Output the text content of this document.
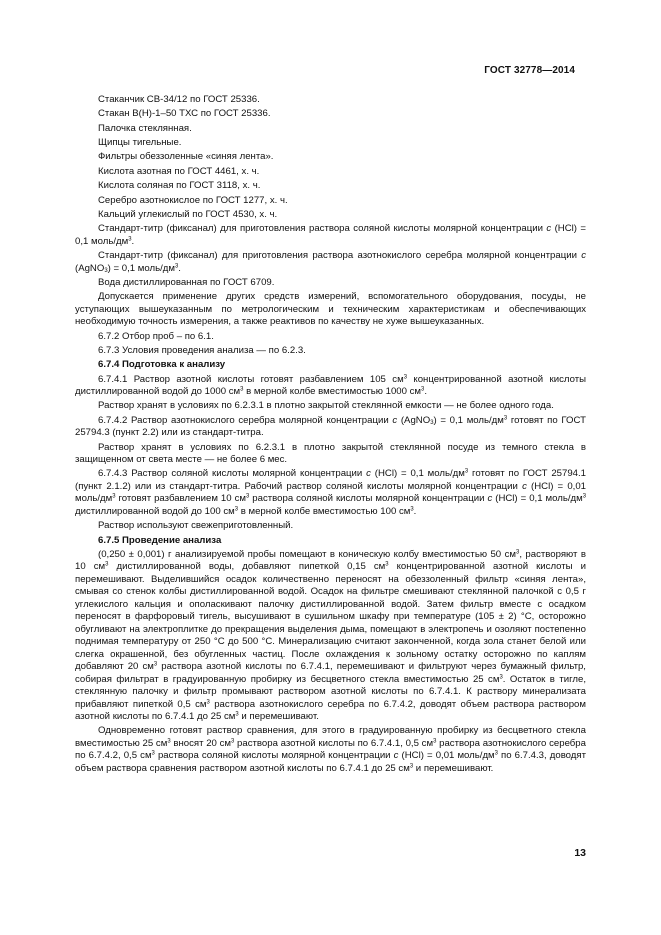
ГОСТ 32778—2014

Стаканчик СВ-34/12 по ГОСТ 25336.

Стакан В(Н)-1–50 ТХС по ГОСТ 25336.

Палочка стеклянная.

Щипцы тигельные.

Фильтры обеззоленные «синяя лента».

Кислота азотная по ГОСТ 4461, х. ч.

Кислота соляная по ГОСТ 3118, х. ч.

Серебро азотнокислое по ГОСТ 1277, х. ч.

Кальций углекислый по ГОСТ 4530, х. ч.

Стандарт-титр (фиксанал) для приготовления раствора соляной кислоты молярной концентрации c (HCl) = 0,1 моль/$дм^3$.

Стандарт-титр (фиксанал) для приготовления раствора азотнокислого серебра молярной концентрации c (AgNO$_3$) = 0,1 моль/$дм^3$.

Вода дистиллированная по ГОСТ 6709.

Допускается применение других средств измерений, вспомогательного оборудования, посуды, не уступающих вышеуказанным по метрологическим и техническим характеристикам и обеспечивающих необходимую точность измерения, а также реактивов по качеству не хуже вышеуказанных.

6.7.2 Отбор проб – по 6.1.

6.7.3 Условия проведения анализа — по 6.2.3.

6.7.4 Подготовка к анализу

6.7.4.1 Раствор азотной кислоты готовят разбавлением 105 $см^3$ концентрированной азотной кислоты дистиллированной водой до 1000 $см^3$ в мерной колбе вместимостью 1000 $см^3$.

Раствор хранят в условиях по 6.2.3.1 в плотно закрытой стеклянной емкости — не более одного года.

6.7.4.2 Раствор азотнокислого серебра молярной концентрации c (AgNO$_3$) = 0,1 моль/$дм^3$ готовят по ГОСТ 25794.3 (пункт 2.2) или из стандарт-титра.

Раствор хранят в условиях по 6.2.3.1 в плотно закрытой стеклянной посуде из темного стекла в защищенном от света месте — не более 6 мес.

6.7.4.3 Раствор соляной кислоты молярной концентрации c (HCl) = 0,1 моль/$дм^3$ готовят по ГОСТ 25794.1 (пункт 2.1.2) или из стандарт-титра. Рабочий раствор соляной кислоты молярной концентрации c (HCl) = 0,01 моль/$дм^3$ готовят разбавлением 10 $см^3$ раствора соляной кислоты молярной концентрации c (HCl) = 0,1 моль/$дм^3$ дистиллированной водой до 100 $см^3$ в мерной колбе вместимостью 100 $см^3$.

Раствор используют свежеприготовленный.

6.7.5 Проведение анализа

(0,250 ± 0,001) г анализируемой пробы помещают в коническую колбу вместимостью 50 $см^3$, растворяют в 10 $см^3$ дистиллированной воды, добавляют пипеткой 0,15 $см^3$ концентрированной азотной кислоты и перемешивают. Выделившийся осадок количественно переносят на обеззоленный фильтр «синяя лента», смывая со стенок колбы дистиллированной водой. Осадок на фильтре смешивают стеклянной палочкой с 0,5 г углекислого кальция и ополаскивают палочку дистиллированной водой. Затем фильтр вместе с осадком переносят в фарфоровый тигель, высушивают в сушильном шкафу при температуре (105 ± 2) °С, осторожно обугливают на электроплитке до прекращения выделения дыма, помещают в электропечь и озоляют постепенно поднимая температуру от 250 °С до 500 °С. Минерализацию считают законченной, когда зола станет белой или слегка окрашенной, без обугленных частиц. После охлаждения к зольному остатку осторожно по каплям добавляют 20 $см^3$ раствора азотной кислоты по 6.7.4.1, перемешивают и фильтруют через бумажный фильтр, собирая фильтрат в градуированную пробирку из бесцветного стекла вместимостью 25 $см^3$. Остаток в тигле, стеклянную палочку и фильтр промывают раствором азотной кислоты по 6.7.4.1. К раствору минерализата прибавляют пипеткой 0,5 $см^3$ раствора азотнокислого серебра по 6.7.4.2, доводят объем раствора раствором азотной кислоты по 6.7.4.1 до 25 $см^3$ и перемешивают.

Одновременно готовят раствор сравнения, для этого в градуированную пробирку из бесцветного стекла вместимостью 25 $см^3$ вносят 20 $см^3$ раствора азотной кислоты по 6.7.4.1, 0,5 $см^3$ раствора азотнокислого серебра по 6.7.4.2, 0,5 $см^3$ раствора соляной кислоты молярной концентрации c (HCl) = 0,01 моль/$дм^3$ по 6.7.4.3, доводят объем раствора сравнения раствором азотной кислоты по 6.7.4.1 до 25 $см^3$ и перемешивают.

13
